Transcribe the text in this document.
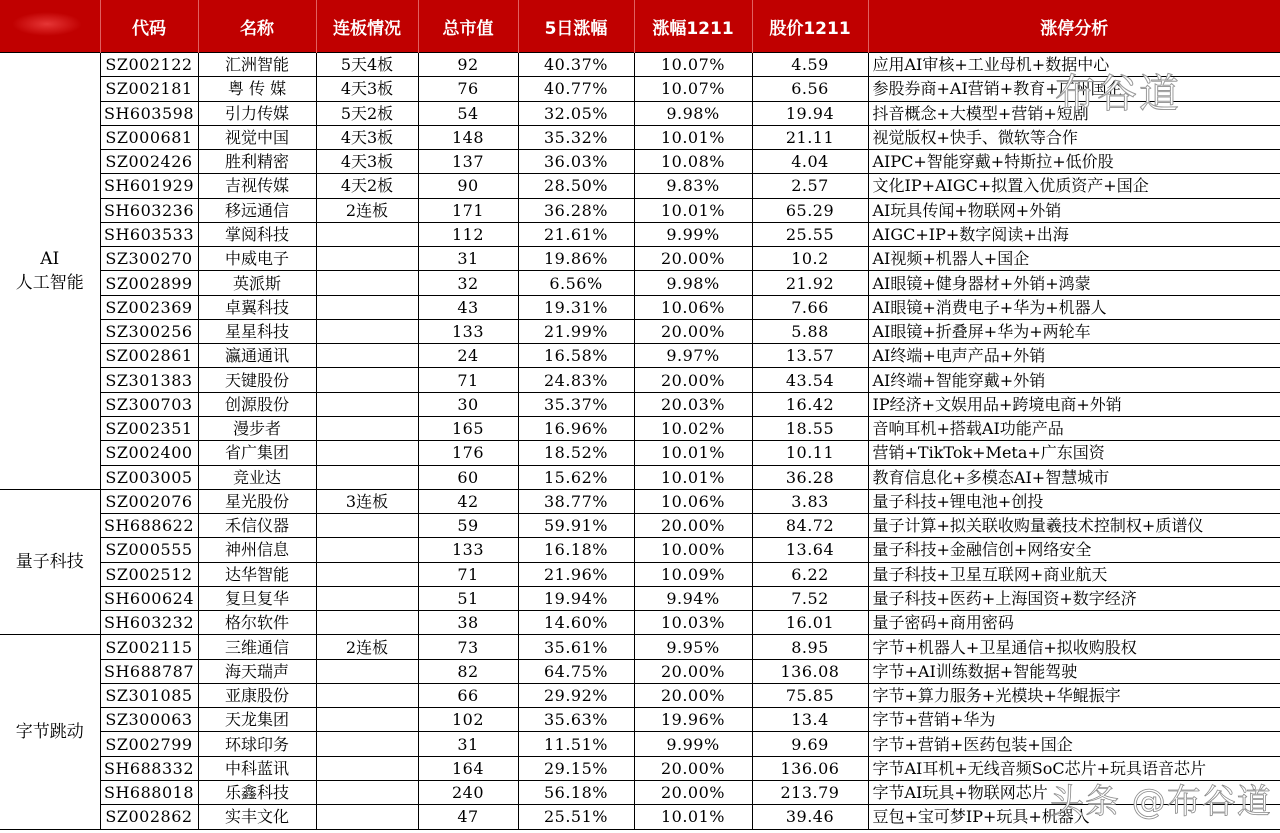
	代码	名称	连板情况	总市值	5日涨幅	涨幅1211	股价1211	涨停分析
AI
人工智能	SZ002122	汇洲智能	5天4板	92	40.37%	10.07%	4.59	应用AI审核+工业母机+数据中心
	SZ002181	粤 传 媒	4天3板	76	40.77%	10.07%	6.56	参股券商+AI营销+教育+广州国企
	SH603598	引力传媒	5天2板	54	32.05%	9.98%	19.94	抖音概念+大模型+营销+短剧
	SZ000681	视觉中国	4天3板	148	35.32%	10.01%	21.11	视觉版权+快手、微软等合作
	SZ002426	胜利精密	4天3板	137	36.03%	10.08%	4.04	AIPC+智能穿戴+特斯拉+低价股
	SH601929	吉视传媒	4天2板	90	28.50%	9.83%	2.57	文化IP+AIGC+拟置入优质资产+国企
	SH603236	移远通信	2连板	171	36.28%	10.01%	65.29	AI玩具传闻+物联网+外销
	SH603533	掌阅科技		112	21.61%	9.99%	25.55	AIGC+IP+数字阅读+出海
	SZ300270	中威电子		31	19.86%	20.00%	10.2	AI视频+机器人+国企
	SZ002899	英派斯		32	6.56%	9.98%	21.92	AI眼镜+健身器材+外销+鸿蒙
	SZ002369	卓翼科技		43	19.31%	10.06%	7.66	AI眼镜+消费电子+华为+机器人
	SZ300256	星星科技		133	21.99%	20.00%	5.88	AI眼镜+折叠屏+华为+两轮车
	SZ002861	瀛通通讯		24	16.58%	9.97%	13.57	AI终端+电声产品+外销
	SZ301383	天键股份		71	24.83%	20.00%	43.54	AI终端+智能穿戴+外销
	SZ300703	创源股份		30	35.37%	20.03%	16.42	IP经济+文娱用品+跨境电商+外销
	SZ002351	漫步者		165	16.96%	10.02%	18.55	音响耳机+搭载AI功能产品
	SZ002400	省广集团		176	18.52%	10.01%	10.11	营销+TikTok+Meta+广东国资
	SZ003005	竞业达		60	15.62%	10.01%	36.28	教育信息化+多模态AI+智慧城市
量子科技	SZ002076	星光股份	3连板	42	38.77%	10.06%	3.83	量子科技+锂电池+创投
	SH688622	禾信仪器		59	59.91%	20.00%	84.72	量子计算+拟关联收购量羲技术控制权+质谱仪
	SZ000555	神州信息		133	16.18%	10.00%	13.64	量子科技+金融信创+网络安全
	SZ002512	达华智能		71	21.96%	10.09%	6.22	量子科技+卫星互联网+商业航天
	SH600624	复旦复华		51	19.94%	9.94%	7.52	量子科技+医药+上海国资+数字经济
	SH603232	格尔软件		38	14.60%	10.03%	16.01	量子密码+商用密码
字节跳动	SZ002115	三维通信	2连板	73	35.61%	9.95%	8.95	字节+机器人+卫星通信+拟收购股权
	SH688787	海天瑞声		82	64.75%	20.00%	136.08	字节+AI训练数据+智能驾驶
	SZ301085	亚康股份		66	29.92%	20.00%	75.85	字节+算力服务+光模块+华鲲振宇
	SZ300063	天龙集团		102	35.63%	19.96%	13.4	字节+营销+华为
	SZ002799	环球印务		31	11.51%	9.99%	9.69	字节+营销+医药包装+国企
	SH688332	中科蓝讯		164	29.15%	20.00%	136.06	字节AI耳机+无线音频SoC芯片+玩具语音芯片
	SH688018	乐鑫科技		240	56.18%	20.00%	213.79	字节AI玩具+物联网芯片
	SZ002862	实丰文化		47	25.51%	10.01%	39.46	豆包+宝可梦IP+玩具+机器人
布谷道
头条 @布谷道
